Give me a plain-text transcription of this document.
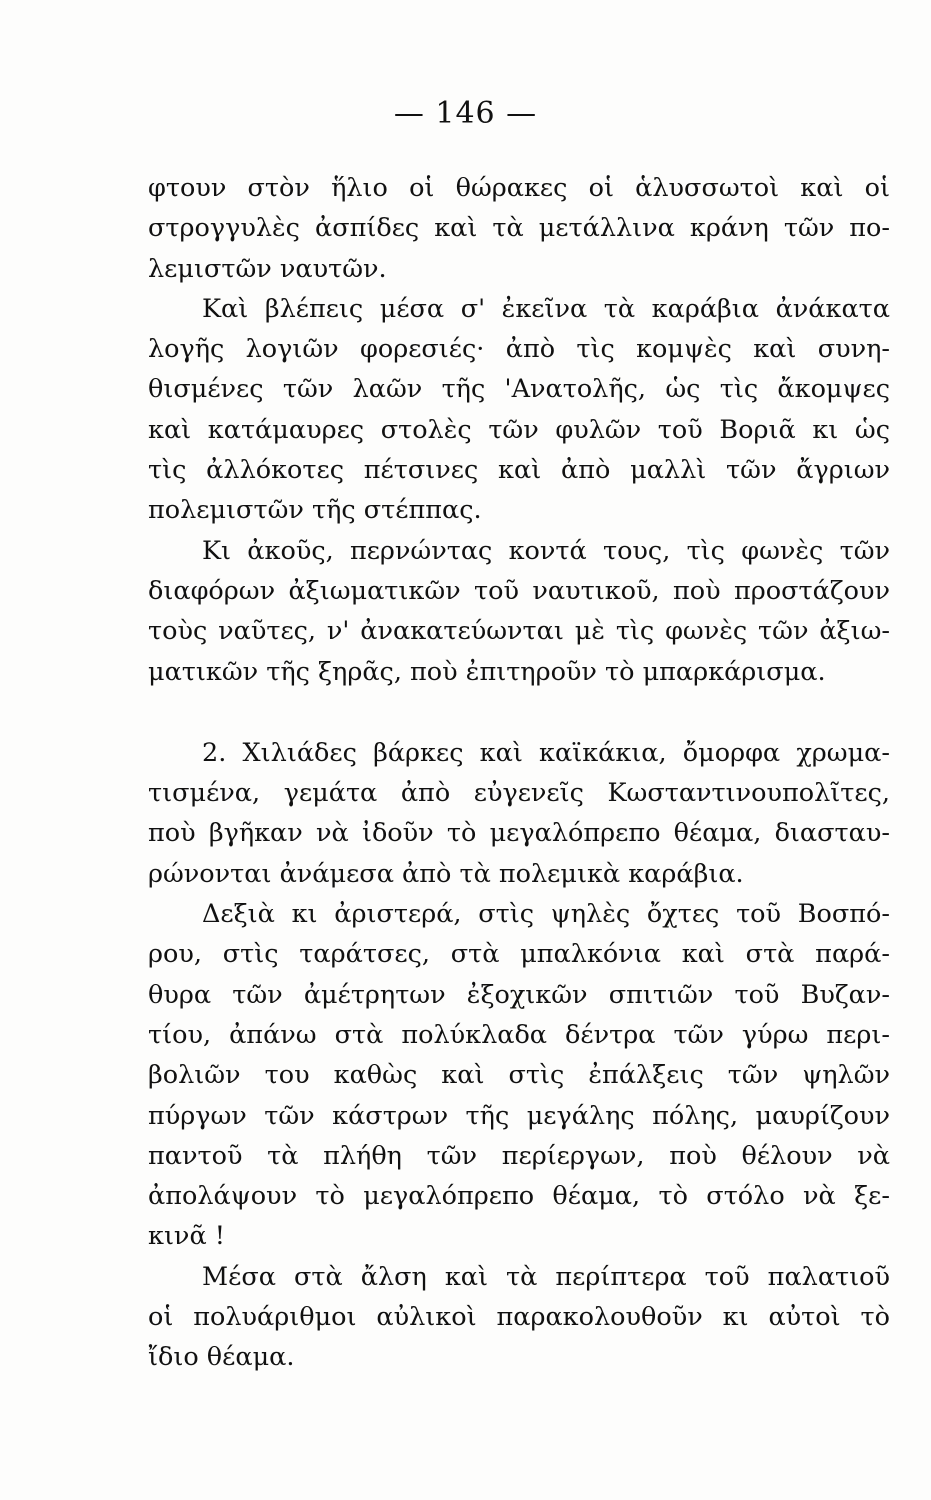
— 146 —
φτουν στὸν ἥλιο οἱ θώρακες οἱ ἁλυσσωτοὶ καὶ οἱ
στρογγυλὲς ἀσπίδες καὶ τὰ μετάλλινα κράνη τῶν πο-
λεμιστῶν ναυτῶν.
Καὶ βλέπεις μέσα σ' ἐκεῖνα τὰ καράβια ἀνάκατα
λογῆς λογιῶν φορεσιές· ἀπὸ τὶς κομψὲς καὶ συνη-
θισμένες τῶν λαῶν τῆς 'Ανατολῆς, ὡς τὶς ἄκομψες
καὶ κατάμαυρες στολὲς τῶν φυλῶν τοῦ Βοριᾶ κι ὡς
τὶς ἀλλόκοτες πέτσινες καὶ ἀπὸ μαλλὶ τῶν ἄγριων
πολεμιστῶν τῆς στέππας.
Κι ἀκοῦς, περνώντας κοντά τους, τὶς φωνὲς τῶν
διαφόρων ἀξιωματικῶν τοῦ ναυτικοῦ, ποὺ προστάζουν
τοὺς ναῦτες, ν' ἀνακατεύωνται μὲ τὶς φωνὲς τῶν ἀξιω-
ματικῶν τῆς ξηρᾶς, ποὺ ἐπιτηροῦν τὸ μπαρκάρισμα.
2. Χιλιάδες βάρκες καὶ καϊκάκια, ὄμορφα χρωμα-
τισμένα, γεμάτα ἀπὸ εὐγενεῖς Κωσταντινουπολῖτες,
ποὺ βγῆκαν νὰ ἰδοῦν τὸ μεγαλόπρεπο θέαμα, διασταυ-
ρώνονται ἀνάμεσα ἀπὸ τὰ πολεμικὰ καράβια.
Δεξιὰ κι ἀριστερά, στὶς ψηλὲς ὄχτες τοῦ Βοσπό-
ρου, στὶς ταράτσες, στὰ μπαλκόνια καὶ στὰ παρά-
θυρα τῶν ἀμέτρητων ἐξοχικῶν σπιτιῶν τοῦ Βυζαν-
τίου, ἀπάνω στὰ πολύκλαδα δέντρα τῶν γύρω περι-
βολιῶν του καθὼς καὶ στὶς ἐπάλξεις τῶν ψηλῶν
πύργων τῶν κάστρων τῆς μεγάλης πόλης, μαυρίζουν
παντοῦ τὰ πλήθη τῶν περίεργων, ποὺ θέλουν νὰ
ἀπολάψουν τὸ μεγαλόπρεπο θέαμα, τὸ στόλο νὰ ξε-
κινᾶ !
Μέσα στὰ ἄλση καὶ τὰ περίπτερα τοῦ παλατιοῦ
οἱ πολυάριθμοι αὐλικοὶ παρακολουθοῦν κι αὐτοὶ τὸ
ἴδιο θέαμα.
